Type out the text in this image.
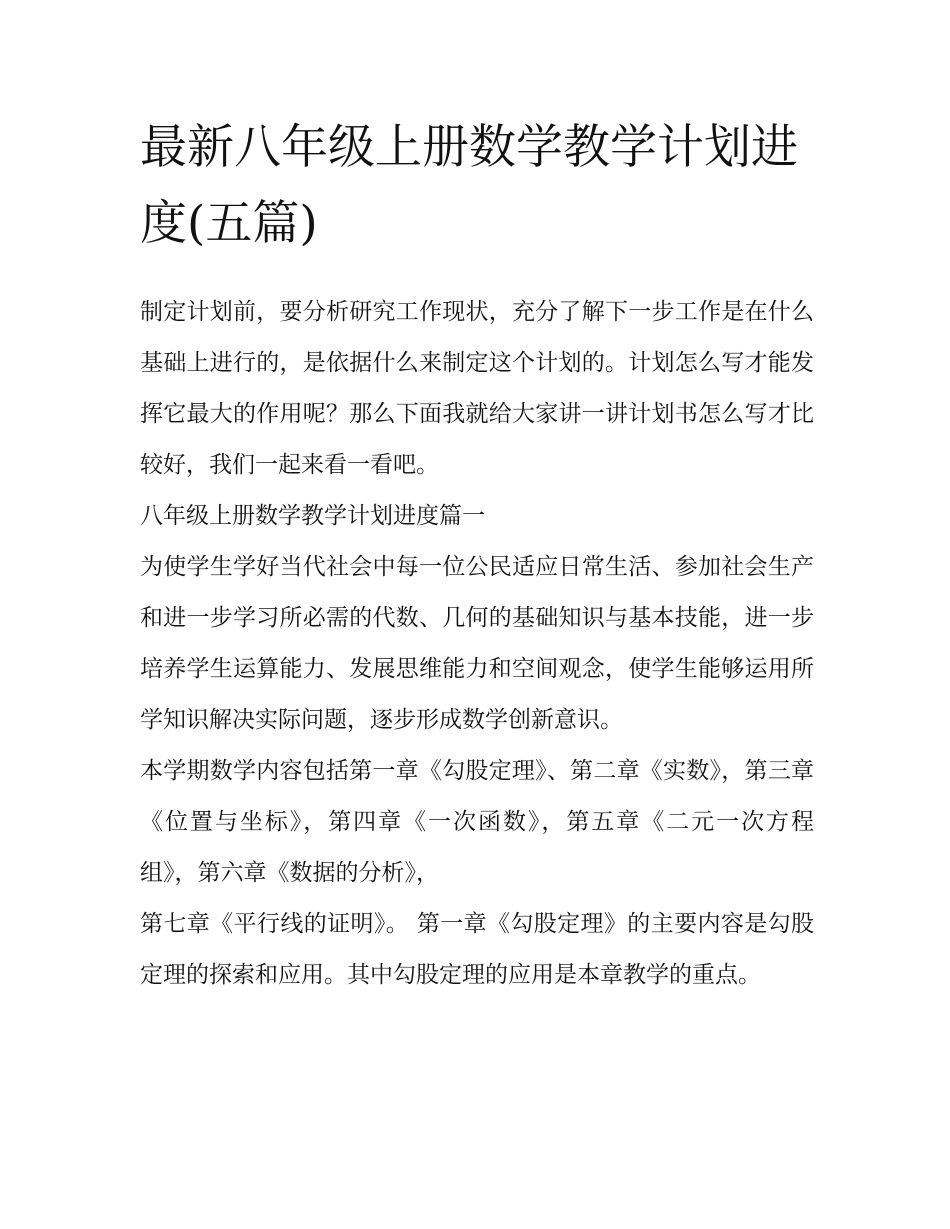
最新八年级上册数学教学计划进度(五篇)

制定计划前，要分析研究工作现状，充分了解下一步工作是在什么基础上进行的，是依据什么来制定这个计划的。计划怎么写才能发挥它最大的作用呢？那么下面我就给大家讲一讲计划书怎么写才比较好，我们一起来看一看吧。

八年级上册数学教学计划进度篇一

为使学生学好当代社会中每一位公民适应日常生活、参加社会生产和进一步学习所必需的代数、几何的基础知识与基本技能，进一步培养学生运算能力、发展思维能力和空间观念，使学生能够运用所学知识解决实际问题，逐步形成数学创新意识。

本学期数学内容包括第一章《勾股定理》、第二章《实数》，第三章《位置与坐标》，第四章《一次函数》，第五章《二元一次方程组》，第六章《数据的分析》，

第七章《平行线的证明》。 第一章《勾股定理》的主要内容是勾股定理的探索和应用。其中勾股定理的应用是本章教学的重点。
